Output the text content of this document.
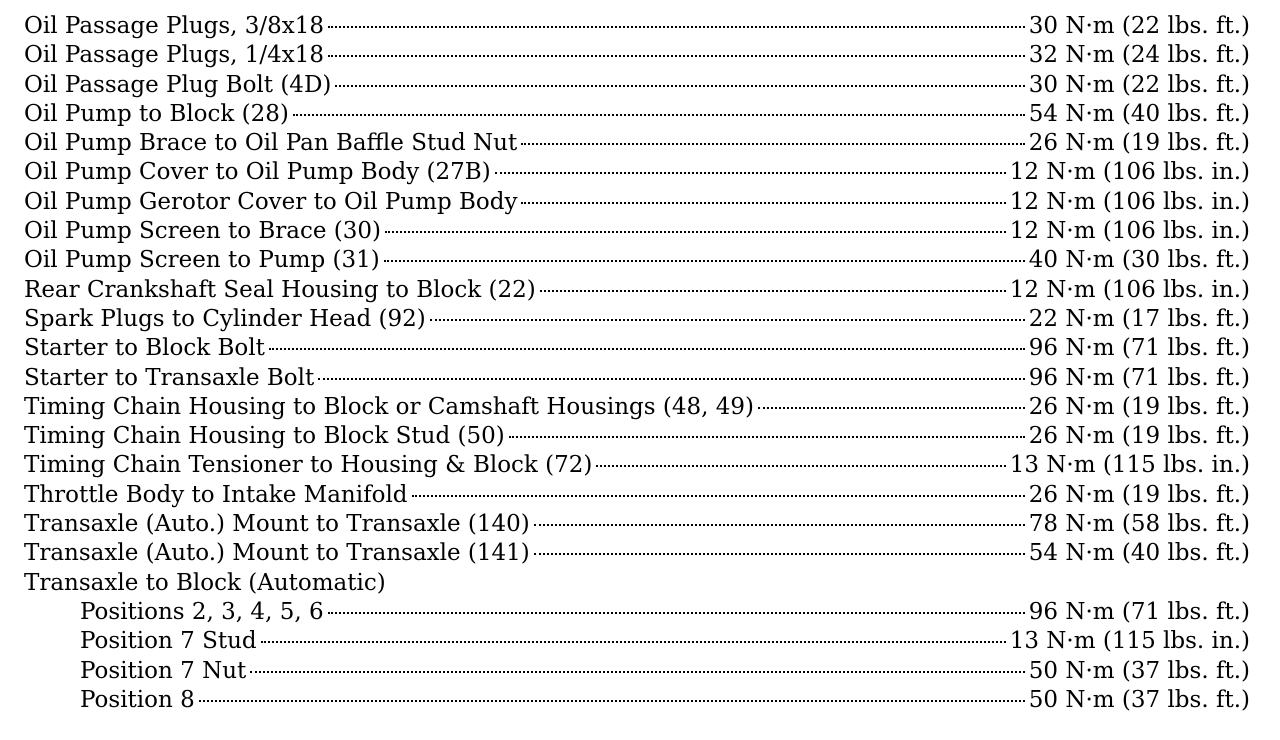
Oil Passage Plugs, 3/8x18	30 N·m (22 lbs. ft.)
Oil Passage Plugs, 1/4x18	32 N·m (24 lbs. ft.)
Oil Passage Plug Bolt (4D)	30 N·m (22 lbs. ft.)
Oil Pump to Block (28)	54 N·m (40 lbs. ft.)
Oil Pump Brace to Oil Pan Baffle Stud Nut	26 N·m (19 lbs. ft.)
Oil Pump Cover to Oil Pump Body (27B)	12 N·m (106 lbs. in.)
Oil Pump Gerotor Cover to Oil Pump Body	12 N·m (106 lbs. in.)
Oil Pump Screen to Brace (30)	12 N·m (106 lbs. in.)
Oil Pump Screen to Pump (31)	40 N·m (30 lbs. ft.)
Rear Crankshaft Seal Housing to Block (22)	12 N·m (106 lbs. in.)
Spark Plugs to Cylinder Head (92)	22 N·m (17 lbs. ft.)
Starter to Block Bolt	96 N·m (71 lbs. ft.)
Starter to Transaxle Bolt	96 N·m (71 lbs. ft.)
Timing Chain Housing to Block or Camshaft Housings (48, 49)	26 N·m (19 lbs. ft.)
Timing Chain Housing to Block Stud (50)	26 N·m (19 lbs. ft.)
Timing Chain Tensioner to Housing & Block (72)	13 N·m (115 lbs. in.)
Throttle Body to Intake Manifold	26 N·m (19 lbs. ft.)
Transaxle (Auto.) Mount to Transaxle (140)	78 N·m (58 lbs. ft.)
Transaxle (Auto.) Mount to Transaxle (141)	54 N·m (40 lbs. ft.)
Transaxle to Block (Automatic)
Positions 2, 3, 4, 5, 6	96 N·m (71 lbs. ft.)
Position 7 Stud	13 N·m (115 lbs. in.)
Position 7 Nut	50 N·m (37 lbs. ft.)
Position 8	50 N·m (37 lbs. ft.)
